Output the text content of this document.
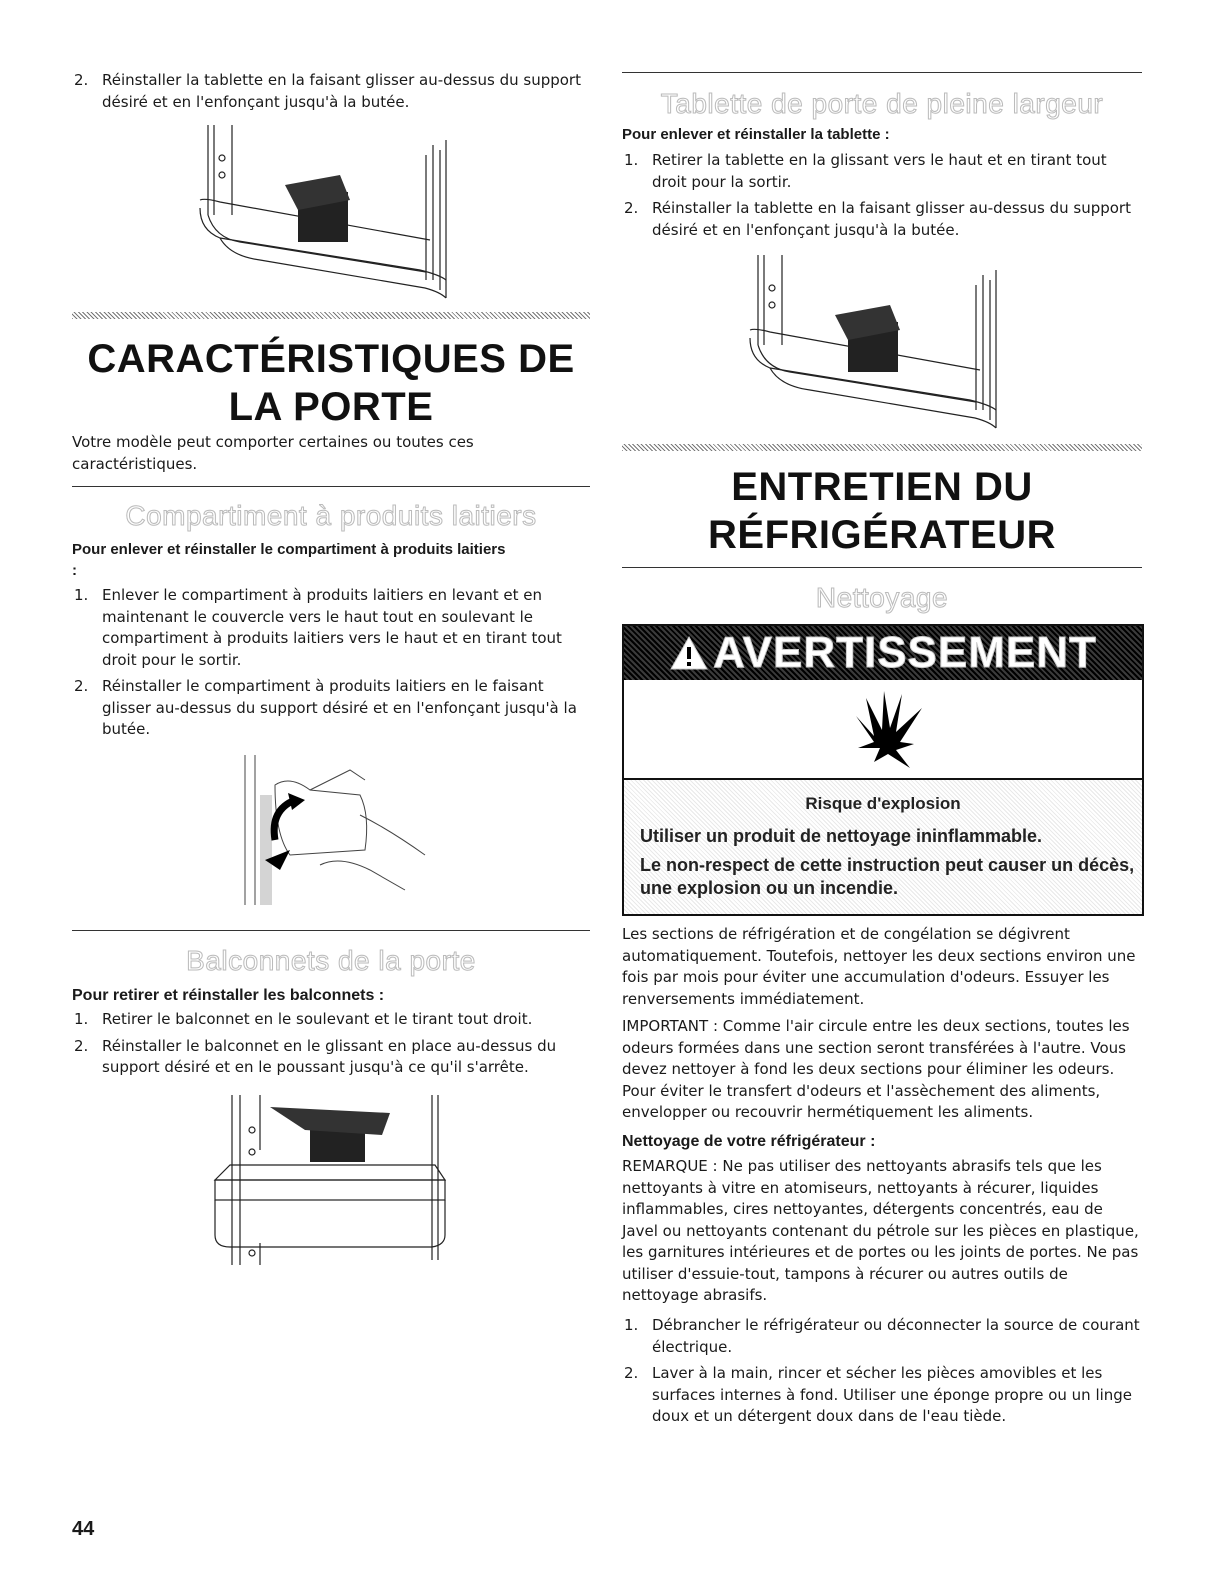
2. Réinstaller la tablette en la faisant glisser au-dessus du support désiré et en l'enfonçant jusqu'à la butée.
CARACTÉRISTIQUES DE
LA PORTE

Votre modèle peut comporter certaines ou toutes ces caractéristiques.

Compartiment à produits laitiers

Pour enlever et réinstaller le compartiment à produits laitiers :

1. Enlever le compartiment à produits laitiers en levant et en maintenant le couvercle vers le haut tout en soulevant le compartiment à produits laitiers vers le haut et en tirant tout droit pour le sortir.
2. Réinstaller le compartiment à produits laitiers en le faisant glisser au-dessus du support désiré et en l'enfonçant jusqu'à la butée.
Balconnets de la porte

Pour retirer et réinstaller les balconnets :

1. Retirer le balconnet en le soulevant et le tirant tout droit.
2. Réinstaller le balconnet en le glissant en place au-dessus du support désiré et en le poussant jusqu'à ce qu'il s'arrête.
Tablette de porte de pleine largeur

Pour enlever et réinstaller la tablette :

1. Retirer la tablette en la glissant vers le haut et en tirant tout droit pour la sortir.
2. Réinstaller la tablette en la faisant glisser au-dessus du support désiré et en l'enfonçant jusqu'à la butée.
ENTRETIEN DU
RÉFRIGÉRATEUR
Nettoyage
AVERTISSEMENT

Risque d'explosion

Utiliser un produit de nettoyage ininflammable.

Le non-respect de cette instruction peut causer un décès, une explosion ou un incendie.

Les sections de réfrigération et de congélation se dégivrent automatiquement. Toutefois, nettoyer les deux sections environ une fois par mois pour éviter une accumulation d'odeurs. Essuyer les renversements immédiatement.

IMPORTANT : Comme l'air circule entre les deux sections, toutes les odeurs formées dans une section seront transférées à l'autre. Vous devez nettoyer à fond les deux sections pour éliminer les odeurs. Pour éviter le transfert d'odeurs et l'assèchement des aliments, envelopper ou recouvrir hermétiquement les aliments.

Nettoyage de votre réfrigérateur :

REMARQUE : Ne pas utiliser des nettoyants abrasifs tels que les nettoyants à vitre en atomiseurs, nettoyants à récurer, liquides inflammables, cires nettoyantes, détergents concentrés, eau de Javel ou nettoyants contenant du pétrole sur les pièces en plastique, les garnitures intérieures et de portes ou les joints de portes. Ne pas utiliser d'essuie-tout, tampons à récurer ou autres outils de nettoyage abrasifs.

1. Débrancher le réfrigérateur ou déconnecter la source de courant électrique.
2. Laver à la main, rincer et sécher les pièces amovibles et les surfaces internes à fond. Utiliser une éponge propre ou un linge doux et un détergent doux dans de l'eau tiède.
44
